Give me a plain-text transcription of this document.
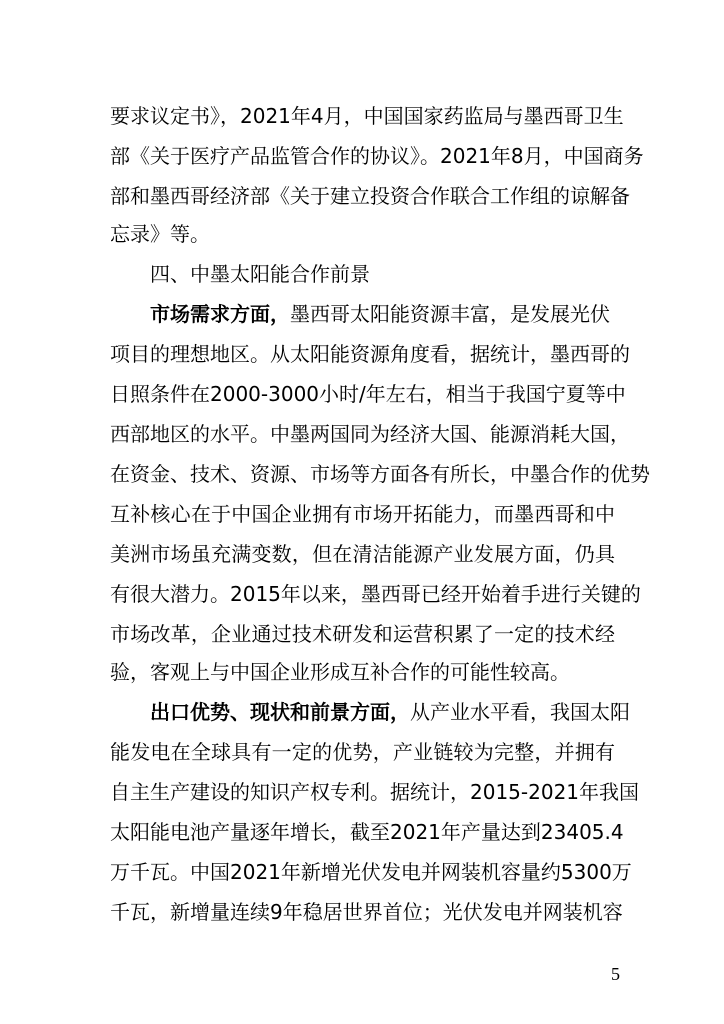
要求议定书》，2021年4月，中国国家药监局与墨西哥卫生
部《关于医疗产品监管合作的协议》。2021年8月，中国商务
部和墨西哥经济部《关于建立投资合作联合工作组的谅解备
忘录》等。
四、中墨太阳能合作前景
市场需求方面，墨西哥太阳能资源丰富，是发展光伏
项目的理想地区。从太阳能资源角度看，据统计，墨西哥的
日照条件在2000-3000小时/年左右，相当于我国宁夏等中
西部地区的水平。中墨两国同为经济大国、能源消耗大国，
在资金、技术、资源、市场等方面各有所长，中墨合作的优势
互补核心在于中国企业拥有市场开拓能力，而墨西哥和中
美洲市场虽充满变数，但在清洁能源产业发展方面，仍具
有很大潜力。2015年以来，墨西哥已经开始着手进行关键的
市场改革，企业通过技术研发和运营积累了一定的技术经
验，客观上与中国企业形成互补合作的可能性较高。
出口优势、现状和前景方面，从产业水平看，我国太阳
能发电在全球具有一定的优势，产业链较为完整，并拥有
自主生产建设的知识产权专利。据统计，2015-2021年我国
太阳能电池产量逐年增长，截至2021年产量达到23405.4
万千瓦。中国2021年新增光伏发电并网装机容量约5300万
千瓦，新增量连续9年稳居世界首位；光伏发电并网装机容
5
